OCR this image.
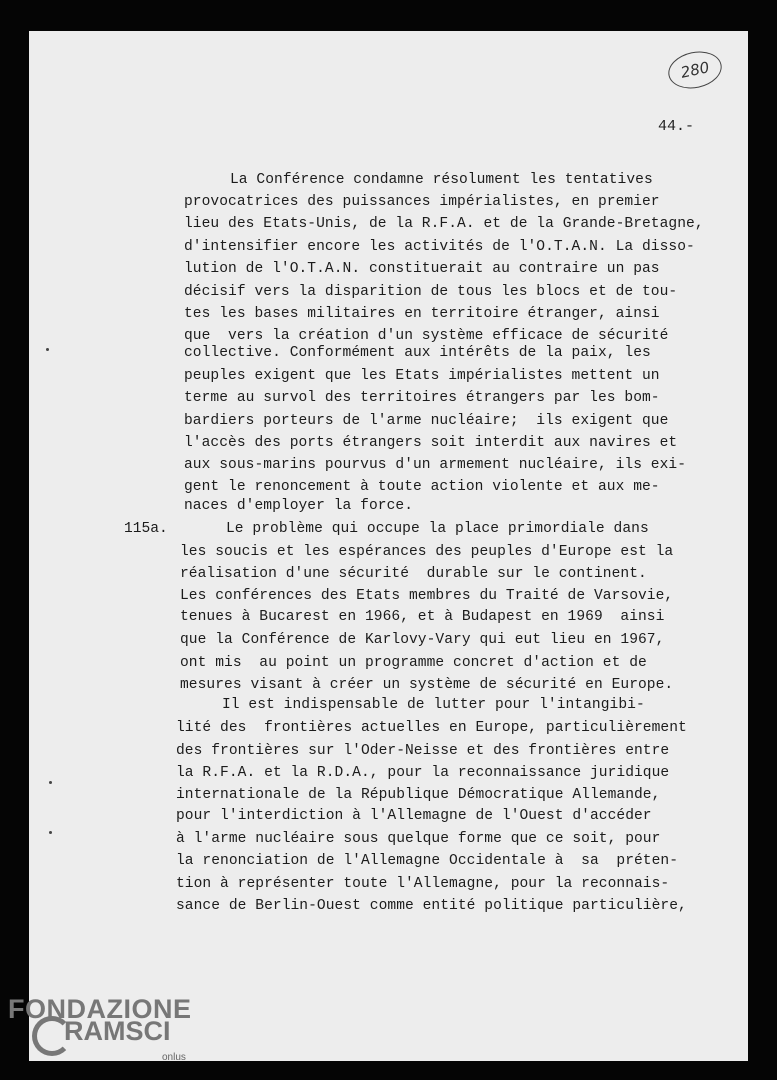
280
44.-
115a.
La Conférence condamne résolument les tentatives
provocatrices des puissances impérialistes, en premier
lieu des Etats-Unis, de la R.F.A. et de la Grande-Bretagne,
d'intensifier encore les activités de l'O.T.A.N. La disso-
lution de l'O.T.A.N. constituerait au contraire un pas
décisif vers la disparition de tous les blocs et de tou-
tes les bases militaires en territoire étranger, ainsi
que  vers la création d'un système efficace de sécurité
collective. Conformément aux intérêts de la paix, les
peuples exigent que les Etats impérialistes mettent un
terme au survol des territoires étrangers par les bom-
bardiers porteurs de l'arme nucléaire;  ils exigent que
l'accès des ports étrangers soit interdit aux navires et
aux sous-marins pourvus d'un armement nucléaire, ils exi-
gent le renoncement à toute action violente et aux me-
naces d'employer la force.
Le problème qui occupe la place primordiale dans
les soucis et les espérances des peuples d'Europe est la
réalisation d'une sécurité  durable sur le continent.
Les conférences des Etats membres du Traité de Varsovie,
tenues à Bucarest en 1966, et à Budapest en 1969  ainsi
que la Conférence de Karlovy-Vary qui eut lieu en 1967,
ont mis  au point un programme concret d'action et de
mesures visant à créer un système de sécurité en Europe.
Il est indispensable de lutter pour l'intangibi-
lité des  frontières actuelles en Europe, particulièrement
des frontières sur l'Oder-Neisse et des frontières entre
la R.F.A. et la R.D.A., pour la reconnaissance juridique
internationale de la République Démocratique Allemande,
pour l'interdiction à l'Allemagne de l'Ouest d'accéder
à l'arme nucléaire sous quelque forme que ce soit, pour
la renonciation de l'Allemagne Occidentale à  sa  préten-
tion à représenter toute l'Allemagne, pour la reconnais-
sance de Berlin-Ouest comme entité politique particulière,
FONDAZIONE
RAMSCI
onlus
